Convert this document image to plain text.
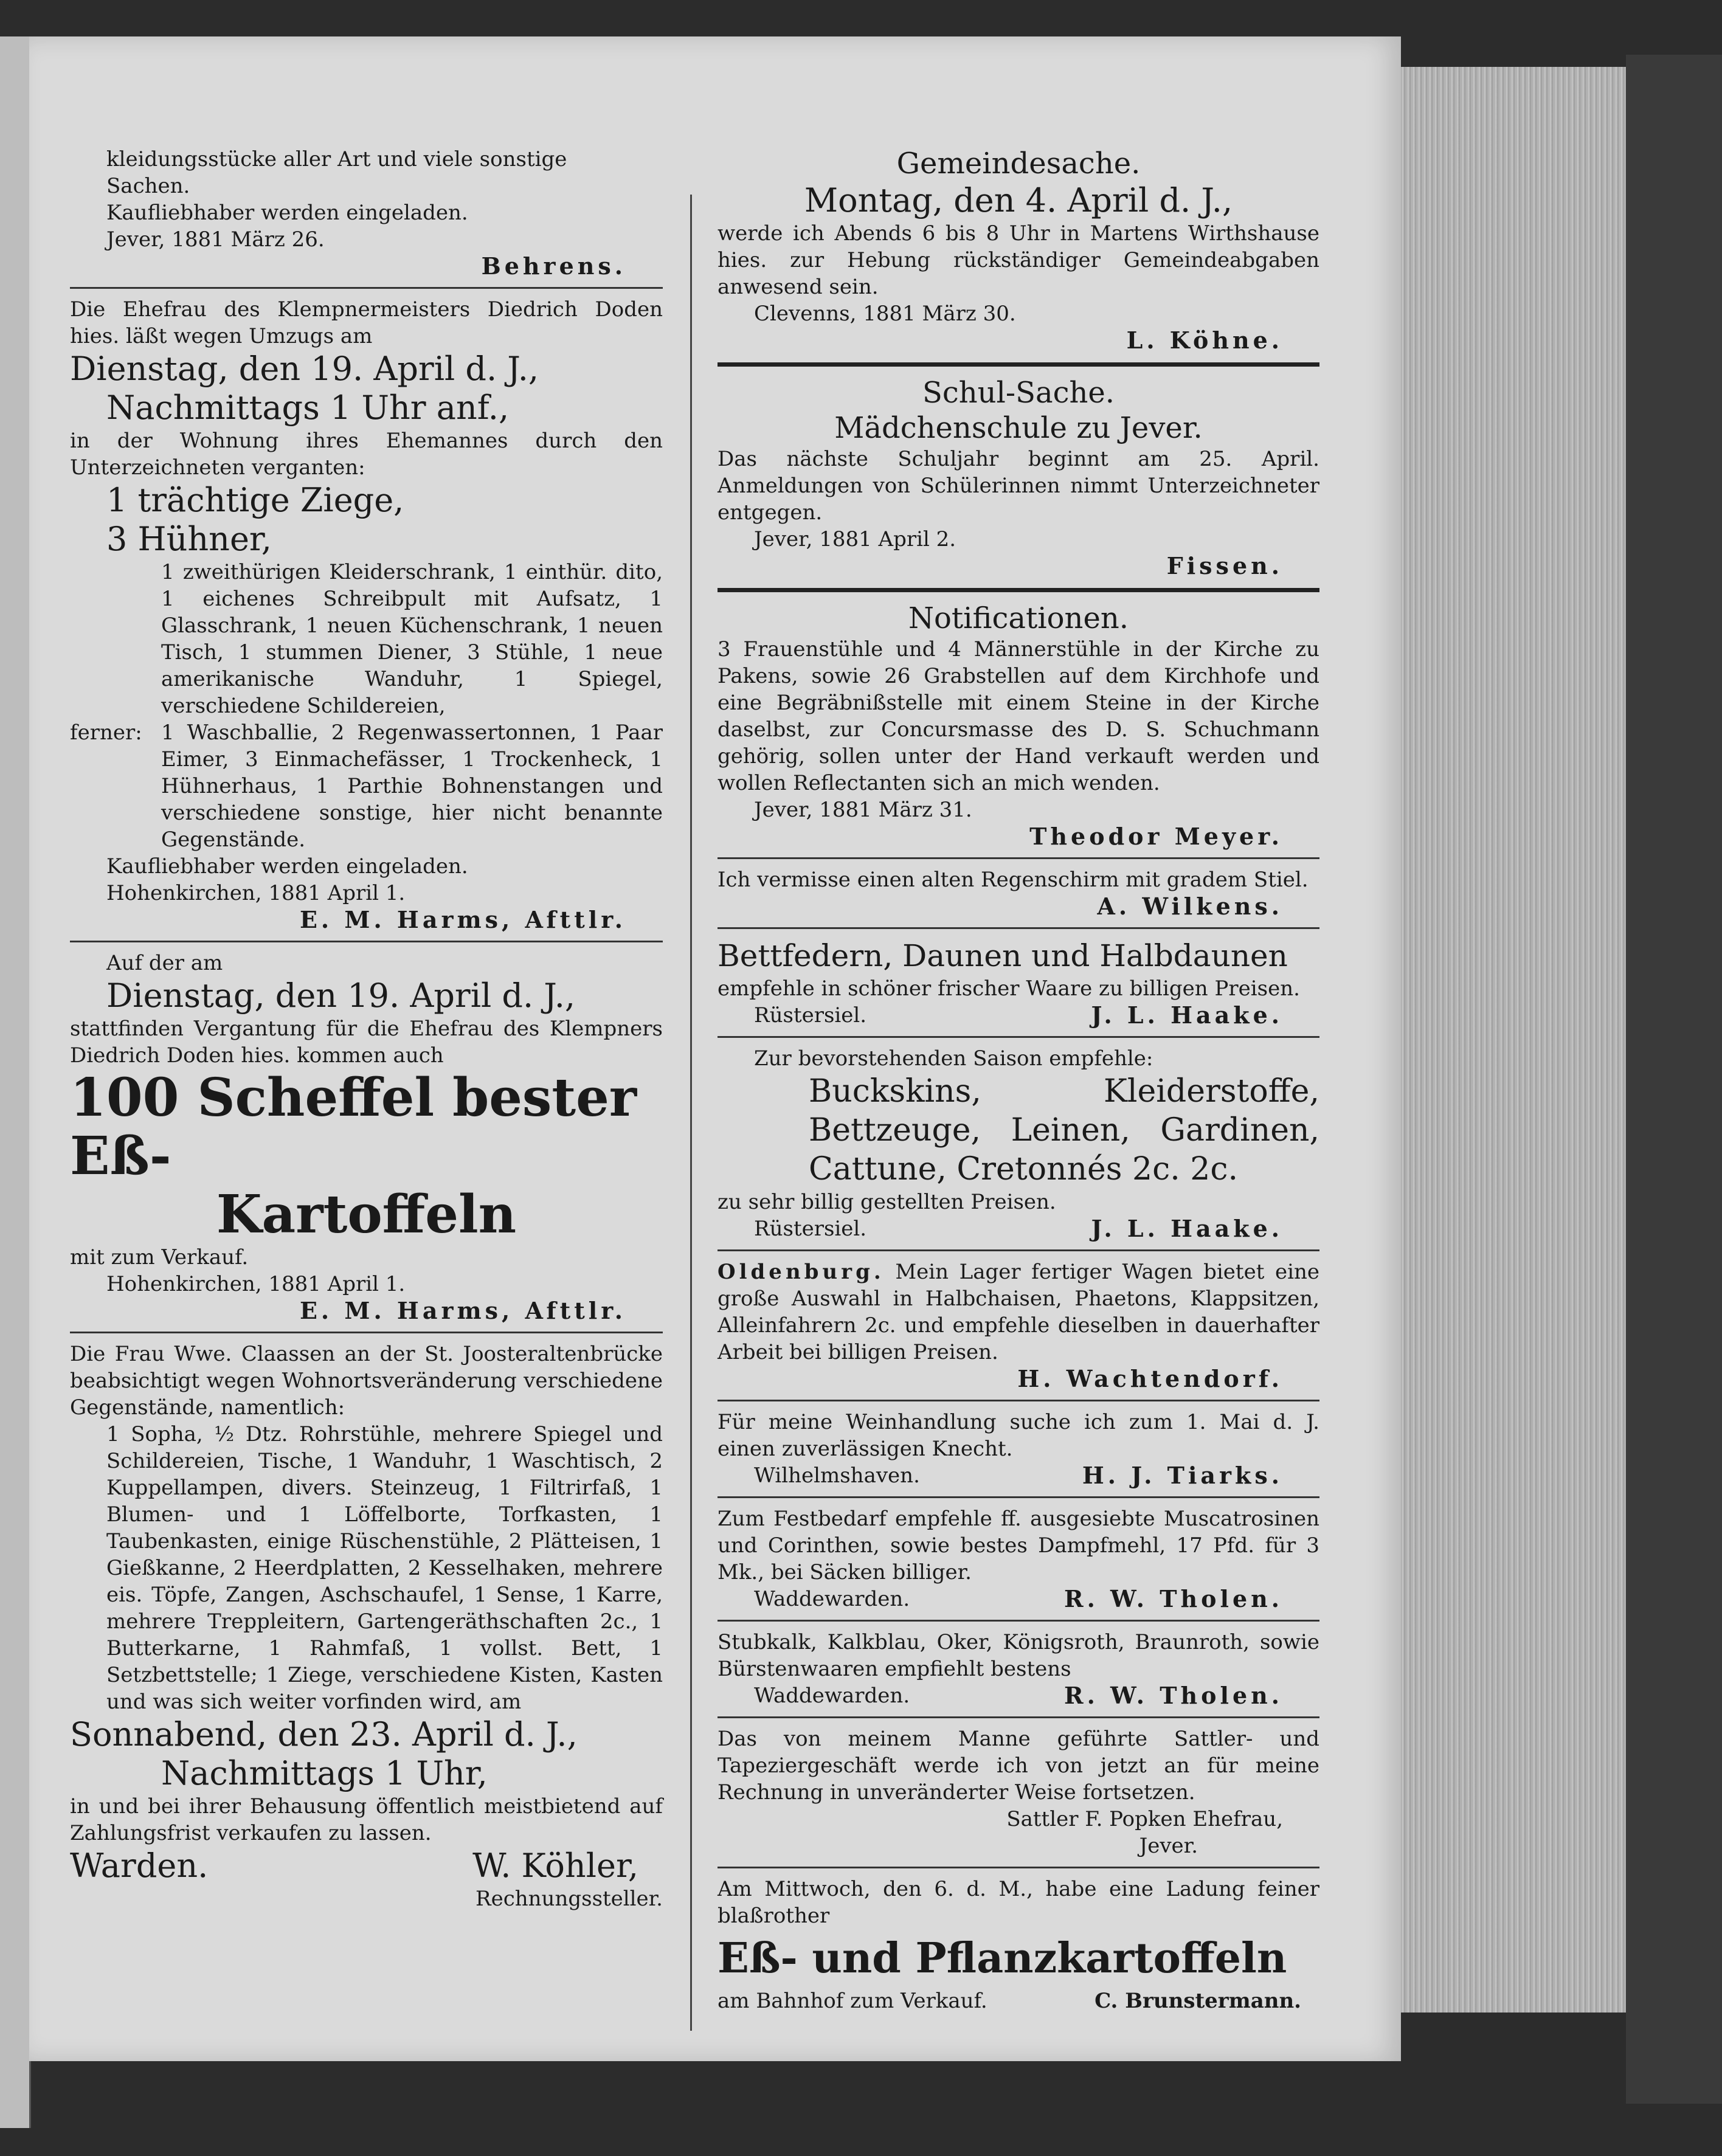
kleidungsstücke aller Art und viele sonstige

Sachen.

Kaufliebhaber werden eingeladen.

Jever, 1881 März 26.

Behrens.

Die Ehefrau des Klempnermeisters Diedrich Doden hies. läßt wegen Umzugs am

Dienstag, den 19. April d. J.,

Nachmittags 1 Uhr anf.,

in der Wohnung ihres Ehemannes durch den Unterzeichneten verganten:

1 trächtige Ziege,

3 Hühner,

1 zweithürigen Kleiderschrank, 1 einthür. dito, 1 eichenes Schreibpult mit Aufsatz, 1 Glasschrank, 1 neuen Küchenschrank, 1 neuen Tisch, 1 stummen Diener, 3 Stühle, 1 neue amerikanische Wanduhr, 1 Spiegel, verschiedene Schildereien,

ferner: 1 Waschballie, 2 Regenwassertonnen, 1 Paar Eimer, 3 Einmachefässer, 1 Trockenheck, 1 Hühnerhaus, 1 Parthie Bohnenstangen und verschiedene sonstige, hier nicht benannte Gegenstände.

Kaufliebhaber werden eingeladen.

Hohenkirchen, 1881 April 1.

E. M. Harms, Afttlr.

Auf der am

Dienstag, den 19. April d. J.,

stattfinden Vergantung für die Ehefrau des Klempners Diedrich Doden hies. kommen auch

100 Scheffel bester Eß-

Kartoffeln

mit zum Verkauf.

Hohenkirchen, 1881 April 1.

E. M. Harms, Afttlr.

Die Frau Wwe. Claassen an der St. Joosteraltenbrücke beabsichtigt wegen Wohnortsveränderung verschiedene Gegenstände, namentlich:

1 Sopha, ½ Dtz. Rohrstühle, mehrere Spiegel und Schildereien, Tische, 1 Wanduhr, 1 Waschtisch, 2 Kuppellampen, divers. Steinzeug, 1 Filtrirfaß, 1 Blumen- und 1 Löffelborte, Torfkasten, 1 Taubenkasten, einige Rüschenstühle, 2 Plätteisen, 1 Gießkanne, 2 Heerdplatten, 2 Kesselhaken, mehrere eis. Töpfe, Zangen, Aschschaufel, 1 Sense, 1 Karre, mehrere Treppleitern, Gartengeräthschaften 2c., 1 Butterkarne, 1 Rahmfaß, 1 vollst. Bett, 1 Setzbettstelle; 1 Ziege, verschiedene Kisten, Kasten und was sich weiter vorfinden wird, am

Sonnabend, den 23. April d. J.,

Nachmittags 1 Uhr,

in und bei ihrer Behausung öffentlich meistbietend auf Zahlungsfrist verkaufen zu lassen.

Warden.	W. Köhler,

Rechnungssteller.

Gemeindesache.

Montag, den 4. April d. J.,

werde ich Abends 6 bis 8 Uhr in Martens Wirthshause hies. zur Hebung rückständiger Gemeindeabgaben anwesend sein.

Clevenns, 1881 März 30.

L. Köhne.

Schul-Sache.

Mädchenschule zu Jever.

Das nächste Schuljahr beginnt am 25. April. Anmeldungen von Schülerinnen nimmt Unterzeichneter entgegen.

Jever, 1881 April 2.

Fissen.

Notificationen.

3 Frauenstühle und 4 Männerstühle in der Kirche zu Pakens, sowie 26 Grabstellen auf dem Kirchhofe und eine Begräbnißstelle mit einem Steine in der Kirche daselbst, zur Concursmasse des D. S. Schuchmann gehörig, sollen unter der Hand verkauft werden und wollen Reflectanten sich an mich wenden.

Jever, 1881 März 31.

Theodor Meyer.

Ich vermisse einen alten Regenschirm mit gradem Stiel.

A. Wilkens.

Bettfedern, Daunen und Halbdaunen

empfehle in schöner frischer Waare zu billigen Preisen.

Rüstersiel.	J. L. Haake.

Zur bevorstehenden Saison empfehle:

Buckskins, Kleiderstoffe, Bettzeuge, Leinen, Gardinen, Cattune, Cretonnés 2c. 2c.

zu sehr billig gestellten Preisen.

Rüstersiel.	J. L. Haake.

Oldenburg. Mein Lager fertiger Wagen bietet eine große Auswahl in Halbchaisen, Phaetons, Klappsitzen, Alleinfahrern 2c. und empfehle dieselben in dauerhafter Arbeit bei billigen Preisen.

H. Wachtendorf.

Für meine Weinhandlung suche ich zum 1. Mai d. J. einen zuverlässigen Knecht.

Wilhelmshaven.	H. J. Tiarks.

Zum Festbedarf empfehle ff. ausgesiebte Muscatrosinen und Corinthen, sowie bestes Dampfmehl, 17 Pfd. für 3 Mk., bei Säcken billiger.

Waddewarden.	R. W. Tholen.

Stubkalk, Kalkblau, Oker, Königsroth, Braunroth, sowie Bürstenwaaren empfiehlt bestens

Waddewarden.	R. W. Tholen.

Das von meinem Manne geführte Sattler- und Tapeziergeschäft werde ich von jetzt an für meine Rechnung in unveränderter Weise fortsetzen.

Sattler F. Popken Ehefrau,

Jever.

Am Mittwoch, den 6. d. M., habe eine Ladung feiner blaßrother

Eß- und Pflanzkartoffeln

am Bahnhof zum Verkauf.	C. Brunstermann.
